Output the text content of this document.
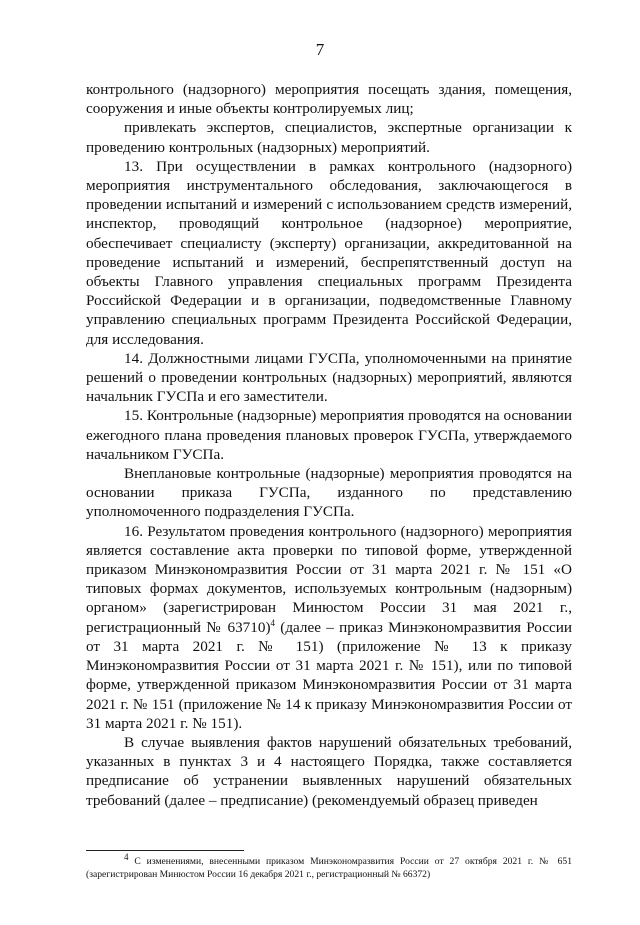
7

контрольного (надзорного) мероприятия посещать здания, помещения, сооружения и иные объекты контролируемых лиц;

привлекать экспертов, специалистов, экспертные организации к проведению контрольных (надзорных) мероприятий.

13. При осуществлении в рамках контрольного (надзорного) мероприятия инструментального обследования, заключающегося в проведении испытаний и измерений с использованием средств измерений, инспектор, проводящий контрольное (надзорное) мероприятие, обеспечивает специалисту (эксперту) организации, аккредитованной на проведение испытаний и измерений, беспрепятственный доступ на объекты Главного управления специальных программ Президента Российской Федерации и в организации, подведомственные Главному управлению специальных программ Президента Российской Федерации, для исследования.

14. Должностными лицами ГУСПа, уполномоченными на принятие решений о проведении контрольных (надзорных) мероприятий, являются начальник ГУСПа и его заместители.

15. Контрольные (надзорные) мероприятия проводятся на основании ежегодного плана проведения плановых проверок ГУСПа, утверждаемого начальником ГУСПа.

Внеплановые контрольные (надзорные) мероприятия проводятся на основании приказа ГУСПа, изданного по представлению уполномоченного подразделения ГУСПа.

16. Результатом проведения контрольного (надзорного) мероприятия является составление акта проверки по типовой форме, утвержденной приказом Минэкономразвития России от 31 марта 2021 г. № 151 «О типовых формах документов, используемых контрольным (надзорным) органом» (зарегистрирован Минюстом России 31 мая 2021 г., регистрационный № 63710)$^4$ (далее – приказ Минэкономразвития России от 31 марта 2021 г. № 151) (приложение № 13 к приказу Минэкономразвития России от 31 марта 2021 г. № 151), или по типовой форме, утвержденной приказом Минэкономразвития России от 31 марта 2021 г. № 151 (приложение № 14 к приказу Минэкономразвития России от 31 марта 2021 г. № 151).

В случае выявления фактов нарушений обязательных требований, указанных в пунктах 3 и 4 настоящего Порядка, также составляется предписание об устранении выявленных нарушений обязательных требований (далее – предписание) (рекомендуемый образец приведен

$^4$ С изменениями, внесенными приказом Минэкономразвития России от 27 октября 2021 г. № 651 (зарегистрирован Минюстом России 16 декабря 2021 г., регистрационный № 66372)
